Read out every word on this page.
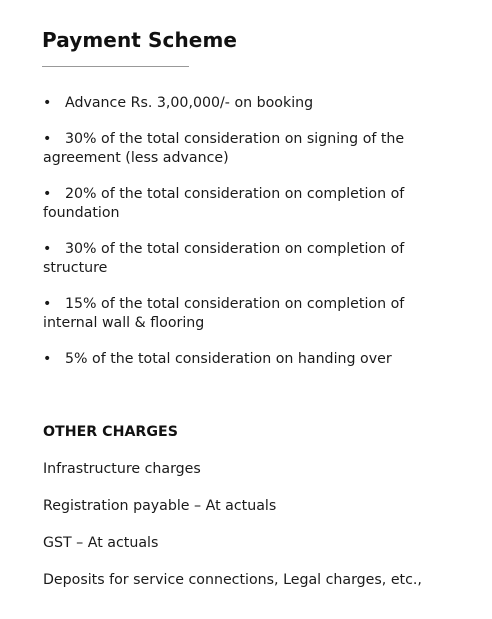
Payment Scheme
• Advance Rs. 3,00,000/- on booking
• 30% of the total consideration on signing of the agreement (less advance)
• 20% of the total consideration on completion of foundation
• 30% of the total consideration on completion of structure
• 15% of the total consideration on completion of internal wall & flooring
• 5% of the total consideration on handing over
OTHER CHARGES
Infrastructure charges
Registration payable – At actuals
GST – At actuals
Deposits for service connections, Legal charges, etc.,
